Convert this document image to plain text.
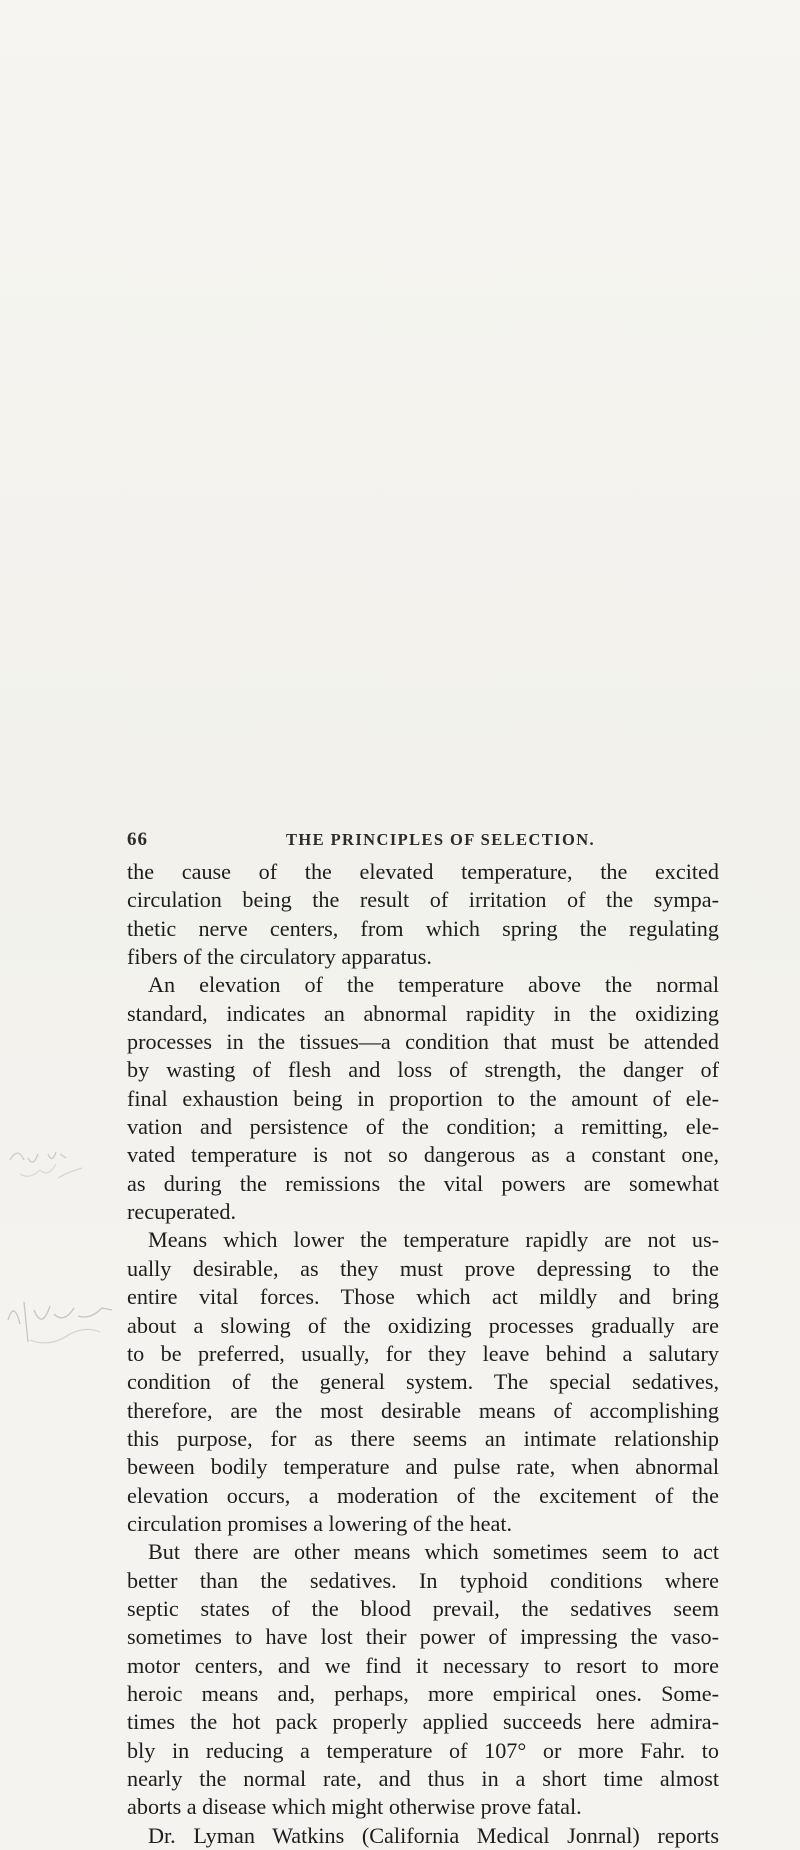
66	THE PRINCIPLES OF SELECTION.
the cause of the elevated temperature, the excited
circulation being the result of irritation of the sympa-
thetic nerve centers, from which spring the regulating
fibers of the circulatory apparatus.
An elevation of the temperature above the normal
standard, indicates an abnormal rapidity in the oxidizing
processes in the tissues—a condition that must be attended
by wasting of flesh and loss of strength, the danger of
final exhaustion being in proportion to the amount of ele-
vation and persistence of the condition; a remitting, ele-
vated temperature is not so dangerous as a constant one,
as during the remissions the vital powers are somewhat
recuperated.
Means which lower the temperature rapidly are not us-
ually desirable, as they must prove depressing to the
entire vital forces. Those which act mildly and bring
about a slowing of the oxidizing processes gradually are
to be preferred, usually, for they leave behind a salutary
condition of the general system. The special sedatives,
therefore, are the most desirable means of accomplishing
this purpose, for as there seems an intimate relationship
beween bodily temperature and pulse rate, when abnormal
elevation occurs, a moderation of the excitement of the
circulation promises a lowering of the heat.
But there are other means which sometimes seem to act
better than the sedatives. In typhoid conditions where
septic states of the blood prevail, the sedatives seem
sometimes to have lost their power of impressing the vaso-
motor centers, and we find it necessary to resort to more
heroic means and, perhaps, more empirical ones. Some-
times the hot pack properly applied succeeds here admira-
bly in reducing a temperature of 107° or more Fahr. to
nearly the normal rate, and thus in a short time almost
aborts a disease which might otherwise prove fatal.
Dr. Lyman Watkins (California Medical Jonrnal) reports
